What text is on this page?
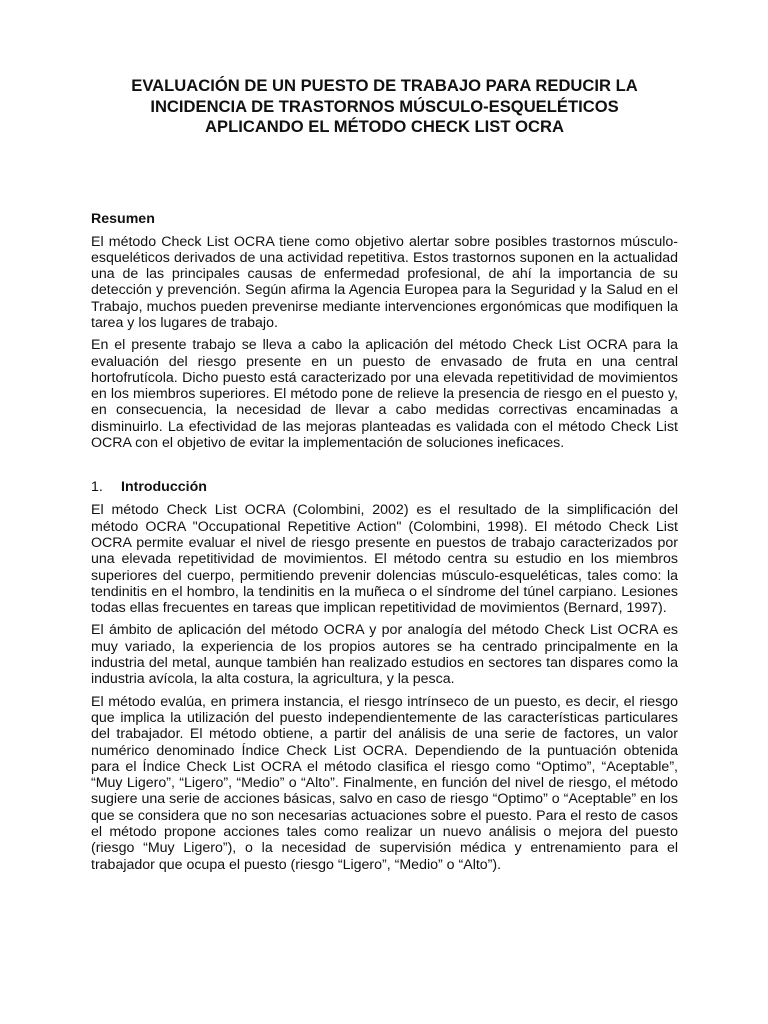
EVALUACIÓN DE UN PUESTO DE TRABAJO PARA REDUCIR LA
INCIDENCIA DE TRASTORNOS MÚSCULO-ESQUELÉTICOS
APLICANDO EL MÉTODO CHECK LIST OCRA
Resumen

El método Check List OCRA tiene como objetivo alertar sobre posibles trastornos músculo-esqueléticos derivados de una actividad repetitiva. Estos trastornos suponen en la actualidad una de las principales causas de enfermedad profesional, de ahí la importancia de su detección y prevención. Según afirma la Agencia Europea para la Seguridad y la Salud en el Trabajo, muchos pueden prevenirse mediante intervenciones ergonómicas que modifiquen la tarea y los lugares de trabajo.

En el presente trabajo se lleva a cabo la aplicación del método Check List OCRA para la evaluación del riesgo presente en un puesto de envasado de fruta en una central hortofrutícola. Dicho puesto está caracterizado por una elevada repetitividad de movimientos en los miembros superiores. El método pone de relieve la presencia de riesgo en el puesto y, en consecuencia, la necesidad de llevar a cabo medidas correctivas encaminadas a disminuirlo. La efectividad de las mejoras planteadas es validada con el método Check List OCRA con el objetivo de evitar la implementación de soluciones ineficaces.

1. Introducción

El método Check List OCRA (Colombini, 2002) es el resultado de la simplificación del método OCRA "Occupational Repetitive Action" (Colombini, 1998). El método Check List OCRA permite evaluar el nivel de riesgo presente en puestos de trabajo caracterizados por una elevada repetitividad de movimientos. El método centra su estudio en los miembros superiores del cuerpo, permitiendo prevenir dolencias músculo-esqueléticas, tales como: la tendinitis en el hombro, la tendinitis en la muñeca o el síndrome del túnel carpiano. Lesiones todas ellas frecuentes en tareas que implican repetitividad de movimientos (Bernard, 1997).

El ámbito de aplicación del método OCRA y por analogía del método Check List OCRA es muy variado, la experiencia de los propios autores se ha centrado principalmente en la industria del metal, aunque también han realizado estudios en sectores tan dispares como la industria avícola, la alta costura, la agricultura, y la pesca.

El método evalúa, en primera instancia, el riesgo intrínseco de un puesto, es decir, el riesgo que implica la utilización del puesto independientemente de las características particulares del trabajador. El método obtiene, a partir del análisis de una serie de factores, un valor numérico denominado Índice Check List OCRA. Dependiendo de la puntuación obtenida para el Índice Check List OCRA el método clasifica el riesgo como “Optimo”, “Aceptable”, “Muy Ligero”, “Ligero”, “Medio” o “Alto”. Finalmente, en función del nivel de riesgo, el método sugiere una serie de acciones básicas, salvo en caso de riesgo “Optimo” o “Aceptable” en los que se considera que no son necesarias actuaciones sobre el puesto. Para el resto de casos el método propone acciones tales como realizar un nuevo análisis o mejora del puesto (riesgo “Muy Ligero”), o la necesidad de supervisión médica y entrenamiento para el trabajador que ocupa el puesto (riesgo “Ligero”, “Medio” o “Alto”).
